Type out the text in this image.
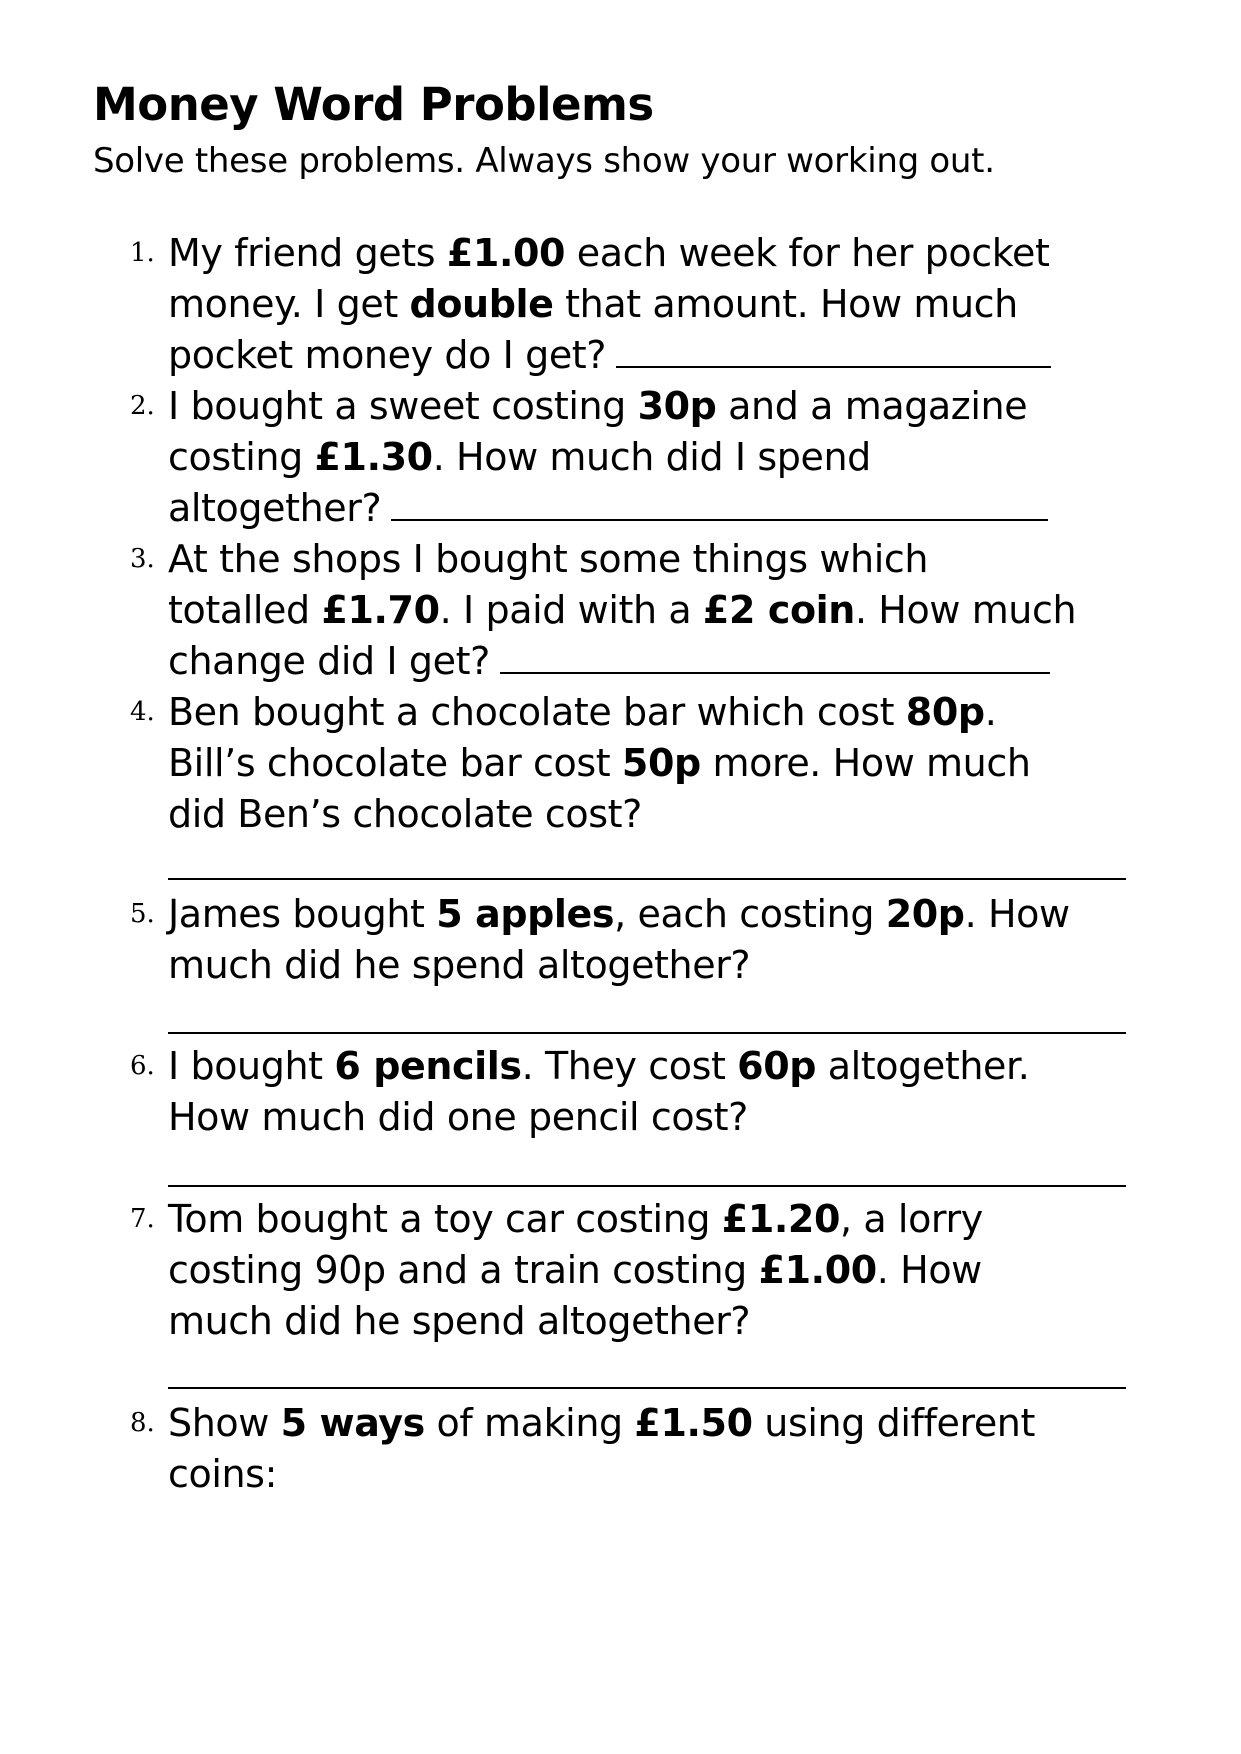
Money Word Problems

Solve these problems. Always show your working out.

1. My friend gets £1.00 each week for her pocket
money. I get double that amount. How much
pocket money do I get?
2. I bought a sweet costing 30p and a magazine
costing £1.30. How much did I spend
altogether?
3. At the shops I bought some things which
totalled £1.70. I paid with a £2 coin. How much
change did I get?
4. Ben bought a chocolate bar which cost 80p.
Bill’s chocolate bar cost 50p more. How much
did Ben’s chocolate cost?
5. James bought 5 apples, each costing 20p. How
much did he spend altogether?
6. I bought 6 pencils. They cost 60p altogether.
How much did one pencil cost?
7. Tom bought a toy car costing £1.20, a lorry
costing 90p and a train costing £1.00. How
much did he spend altogether?
8. Show 5 ways of making £1.50 using different
coins:
